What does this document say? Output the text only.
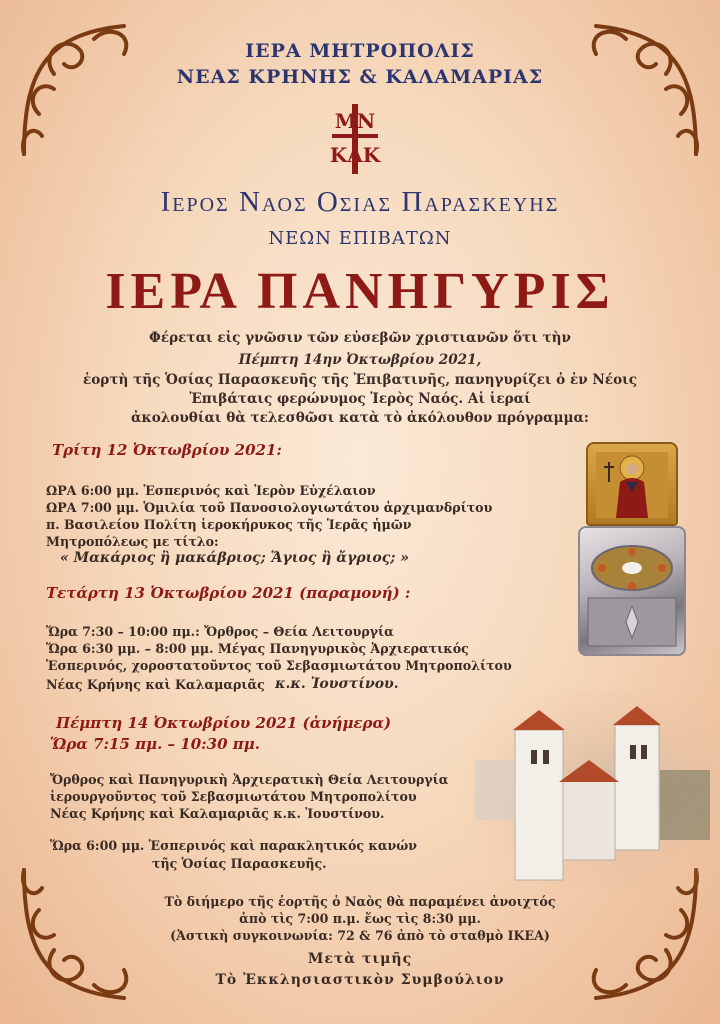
ΙΕΡΑ ΜΗΤΡΟΠΟΛΙΣ
ΝΕΑΣ ΚΡΗΝΗΣ & ΚΑΛΑΜΑΡΙΑΣ
ΜΝ
ΚΑΚ
Ιερος Ναος Οσιας Παρασκευης
ΝΕΩΝ ΕΠΙΒΑΤΩΝ
ΙΕΡΑ ΠΑΝΗΓΥΡΙΣ
Φέρεται εἰς γνῶσιν τῶν εὐσεβῶν χριστιανῶν ὅτι τὴν
Πέμπτη 14ην Ὀκτωβρίου 2021,
ἑορτὴ τῆς Ὁσίας Παρασκευῆς τῆς Ἐπιβατινῆς, πανηγυρίζει ὁ ἐν Νέοις
Ἐπιβάταις φερώνυμος Ἱερὸς Ναός. Αἱ ἱεραί
ἀκολουθίαι θὰ τελεσθῶσι κατὰ τὸ ἀκόλουθον πρόγραμμα:
Τρίτη 12 Ὀκτωβρίου 2021:
ΩΡΑ 6:00 μμ. Ἑσπερινός καὶ Ἱερὸν Εὐχέλαιον
ΩΡΑ 7:00 μμ. Ὁμιλία τοῦ Πανοσιολογιωτάτου ἀρχιμανδρίτου
π. Βασιλείου Πολίτη ἱεροκήρυκος τῆς Ἱερᾶς ἡμῶν
Μητροπόλεως με τίτλο:
« Μακάριος ἢ μακάβριος; Ἅγιος ἢ ἄγριος; »
Τετάρτη 13 Ὀκτωβρίου 2021 (παραμονή) :
Ὥρα 7:30 – 10:00 πμ.: Ὄρθρος – Θεία Λειτουργία
Ὥρα 6:30 μμ. – 8:00 μμ. Μέγας Πανηγυρικὸς Ἀρχιερατικός
Ἑσπερινός, χοροστατοῦντος τοῦ Σεβασμιωτάτου Μητροπολίτου
Νέας Κρήνης καὶ Καλαμαριᾶς κ.κ. Ἰουστίνου.
Πέμπτη 14 Ὀκτωβρίου 2021 (ἀνήμερα)
Ὥρα 7:15 πμ. – 10:30 πμ.
Ὄρθρος καὶ Πανηγυρικὴ Ἀρχιερατικὴ Θεία Λειτουργία
ἱερουργοῦντος τοῦ Σεβασμιωτάτου Μητροπολίτου
Νέας Κρήνης καὶ Καλαμαριᾶς κ.κ. Ἰουστίνου.
Ὥρα 6:00 μμ. Ἑσπερινός καὶ παρακλητικός κανών
τῆς Ὁσίας Παρασκευῆς.
Τὸ διήμερο τῆς ἑορτῆς ὁ Ναὸς θὰ παραμένει ἀνοιχτός
ἀπὸ τὶς 7:00 π.μ. ἕως τὶς 8:30 μμ.
(Ἀστικὴ συγκοινωνία: 72 & 76 ἀπὸ τὸ σταθμὸ ΙΚΕΑ)
Μετὰ τιμῆς
Τὸ Ἐκκλησιαστικὸν Συμβούλιον
